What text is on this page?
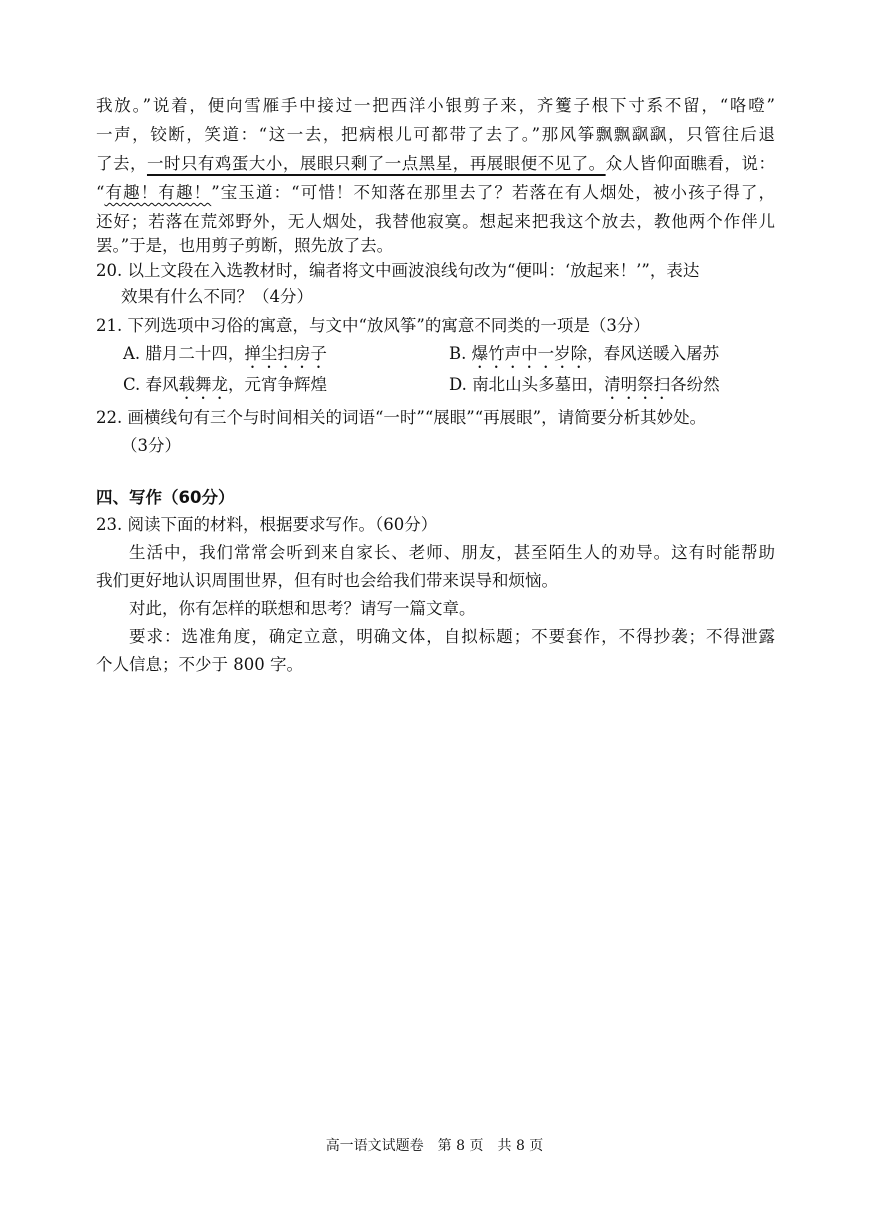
我放。”说着，便向雪雁手中接过一把西洋小银剪子来，齐籆子根下寸系不留，“咯噔”
一声，铰断，笑道：“这一去，把病根儿可都带了去了。”那风筝飘飘飖飖，只管往后退
了去，一时只有鸡蛋大小，展眼只剩了一点黑星，再展眼便不见了。众人皆仰面瞧看，说：
“有趣！有趣！”宝玉道：“可惜！不知落在那里去了？若落在有人烟处，被小孩子得了，
还好；若落在荒郊野外，无人烟处，我替他寂寞。想起来把我这个放去，教他两个作伴儿
罢。”于是，也用剪子剪断，照先放了去。
20. 以上文段在入选教材时，编者将文中画波浪线句改为“便叫：‘放起来！’”，表达
效果有什么不同？（4分）
21. 下列选项中习俗的寓意，与文中“放风筝”的寓意不同类的一项是（3分）
A. 腊月二十四，掸尘扫房子	B. 爆竹声中一岁除，春风送暖入屠苏
C. 春风载舞龙，元宵争辉煌	D. 南北山头多墓田，清明祭扫各纷然
22. 画横线句有三个与时间相关的词语“一时”“展眼”“再展眼”，请简要分析其妙处。
（3分）
四、写作（60分）
23. 阅读下面的材料，根据要求写作。（60分）
生活中，我们常常会听到来自家长、老师、朋友，甚至陌生人的劝导。这有时能帮助
我们更好地认识周围世界，但有时也会给我们带来误导和烦恼。
对此，你有怎样的联想和思考？请写一篇文章。
要求：选准角度，确定立意，明确文体，自拟标题；不要套作，不得抄袭；不得泄露
个人信息；不少于 800 字。
高一语文试题卷　第 8 页　共 8 页
